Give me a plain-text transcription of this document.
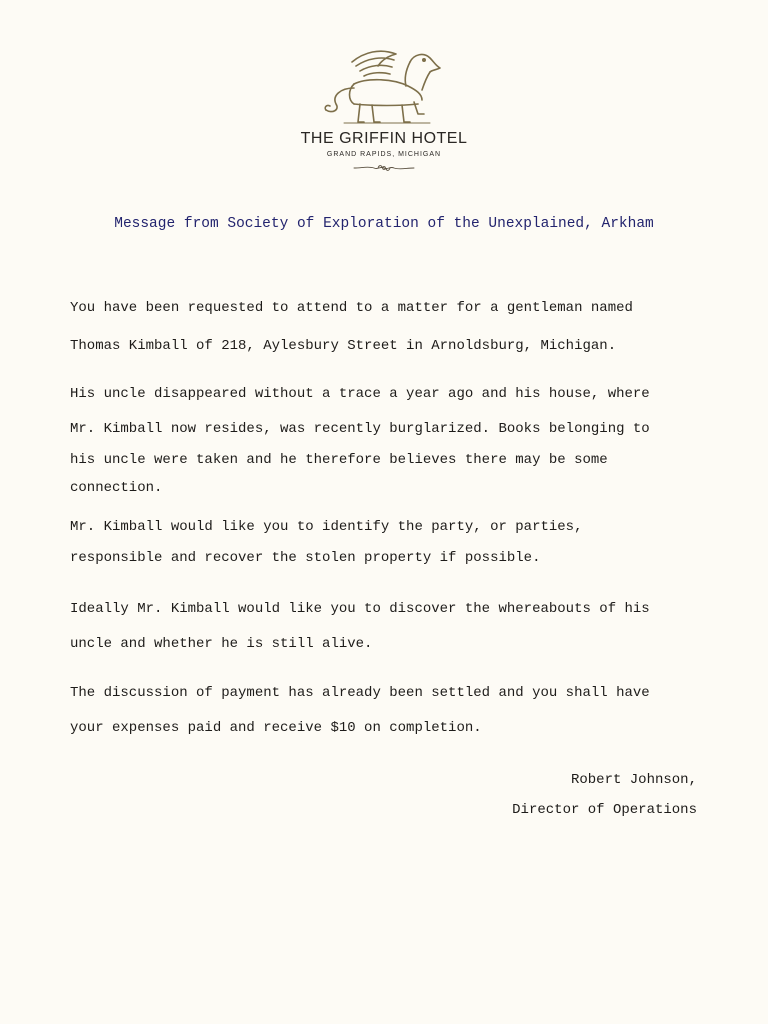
THE GRIFFIN HOTEL
GRAND RAPIDS, MICHIGAN
Message from Society of Exploration of the Unexplained, Arkham
You have been requested to attend to a matter for a gentleman named
Thomas Kimball of 218, Aylesbury Street in Arnoldsburg, Michigan.
His uncle disappeared without a trace a year ago and his house, where
Mr. Kimball now resides, was recently burglarized. Books belonging to
his uncle were taken and he therefore believes there may be some
connection.
Mr. Kimball would like you to identify the party, or parties,
responsible and recover the stolen property if possible.
Ideally Mr. Kimball would like you to discover the whereabouts of his
uncle and whether he is still alive.
The discussion of payment has already been settled and you shall have
your expenses paid and receive $10 on completion.
Robert Johnson,
Director of Operations
